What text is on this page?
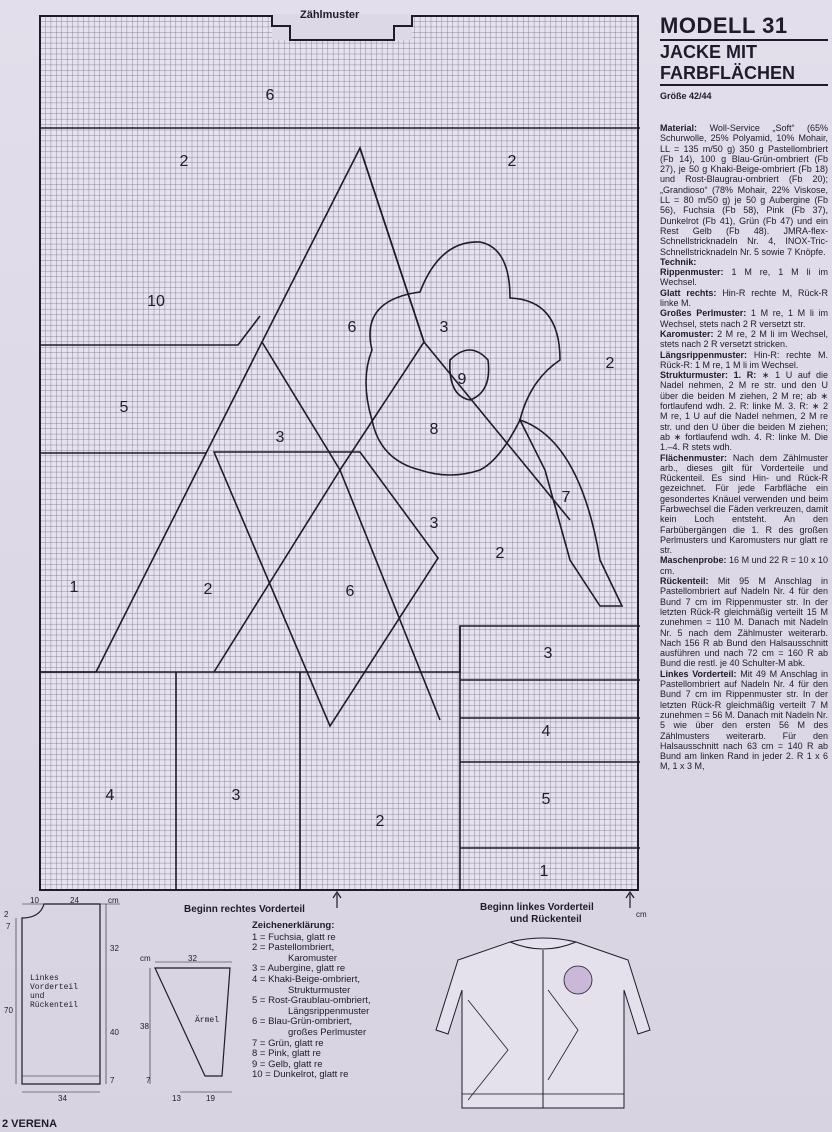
6
2	2
10
6	3
5
9
2
8
3
7
3
2
1	2	6
3
4
4	3	5
2
1
Zählmuster
Beginn rechtes Vorderteil	Beginn linkes Vorderteil
und Rückenteil	cm
MODELL 31
JACKE MIT
FARBFLÄCHEN
Größe 42/44

Material: Woll-Service „Soft“ (65% Schurwolle, 25% Polyamid, 10% Mohair, LL = 135 m/50 g) 350 g Pastellombriert (Fb 14), 100 g Blau-Grün-ombriert (Fb 27), je 50 g Khaki-Beige-ombriert (Fb 18) und Rost-Blaugrau-ombriert (Fb 20); „Grandioso“ (78% Mohair, 22% Viskose, LL = 80 m/50 g) je 50 g Aubergine (Fb 56), Fuchsia (Fb 58), Pink (Fb 37), Dunkelrot (Fb 41), Grün (Fb 47) und ein Rest Gelb (Fb 48). JMRA-flex-Schnellstricknadeln Nr. 4, INOX-Tric-Schnellstricknadeln Nr. 5 sowie 7 Knöpfe.

Technik:

Rippenmuster: 1 M re, 1 M li im Wechsel.

Glatt rechts: Hin-R rechte M, Rück-R linke M.

Großes Perlmuster: 1 M re, 1 M li im Wechsel, stets nach 2 R versetzt str.

Karomuster: 2 M re, 2 M li im Wechsel, stets nach 2 R versetzt stricken.

Längsrippenmuster: Hin-R: rechte M. Rück-R: 1 M re, 1 M li im Wechsel.

Strukturmuster: 1. R: ∗ 1 U auf die Nadel nehmen, 2 M re str. und den U über die beiden M ziehen, 2 M re; ab ∗ fortlaufend wdh. 2. R: linke M. 3. R: ∗ 2 M re, 1 U auf die Nadel nehmen, 2 M re str. und den U über die beiden M ziehen; ab ∗ fortlaufend wdh. 4. R: linke M. Die 1.–4. R stets wdh.

Flächenmuster: Nach dem Zählmuster arb., dieses gilt für Vorderteile und Rückenteil. Es sind Hin- und Rück-R gezeichnet. Für jede Farbfläche ein gesondertes Knäuel verwenden und beim Farbwechsel die Fäden verkreuzen, damit kein Loch entsteht. An den Farbübergängen die 1. R des großen Perlmusters und Karomusters nur glatt re str.

Maschenprobe: 16 M und 22 R = 10 x 10 cm.

Rückenteil: Mit 95 M Anschlag in Pastellombriert auf Nadeln Nr. 4 für den Bund 7 cm im Rippenmuster str. In der letzten Rück-R gleichmäßig verteilt 15 M zunehmen = 110 M. Danach mit Nadeln Nr. 5 nach dem Zählmuster weiterarb. Nach 156 R ab Bund den Halsausschnitt ausführen und nach 72 cm = 160 R ab Bund die restl. je 40 Schulter-M abk.

Linkes Vorderteil: Mit 49 M Anschlag in Pastellombriert auf Nadeln Nr. 4 für den Bund 7 cm im Rippenmuster str. In der letzten Rück-R gleichmäßig verteilt 7 M zunehmen = 56 M. Danach mit Nadeln Nr. 5 wie über den ersten 56 M des Zählmusters weiterarb. Für den Halsausschnitt nach 63 cm = 140 R ab Bund am linken Rand in jeder 2. R 1 x 6 M, 1 x 3 M,

Zeichenerklärung:
1 = Fuchsia, glatt re
2 = Pastellombriert,
Karomuster
3 = Aubergine, glatt re
4 = Khaki-Beige-ombriert,
Strukturmuster
5 = Rost-Graublau-ombriert,
Längsrippenmuster
6 = Blau-Grün-ombriert,
großes Perlmuster
7 = Grün, glatt re
8 = Pink, glatt re
9 = Gelb, glatt re
10 = Dunkelrot, glatt re
Linkes
Vorderteil
und
Rückenteil
Ärmel
10	24	cm
2
7
32
70
40
7
34
cm	32
38
7
13	19
2 VERENA
